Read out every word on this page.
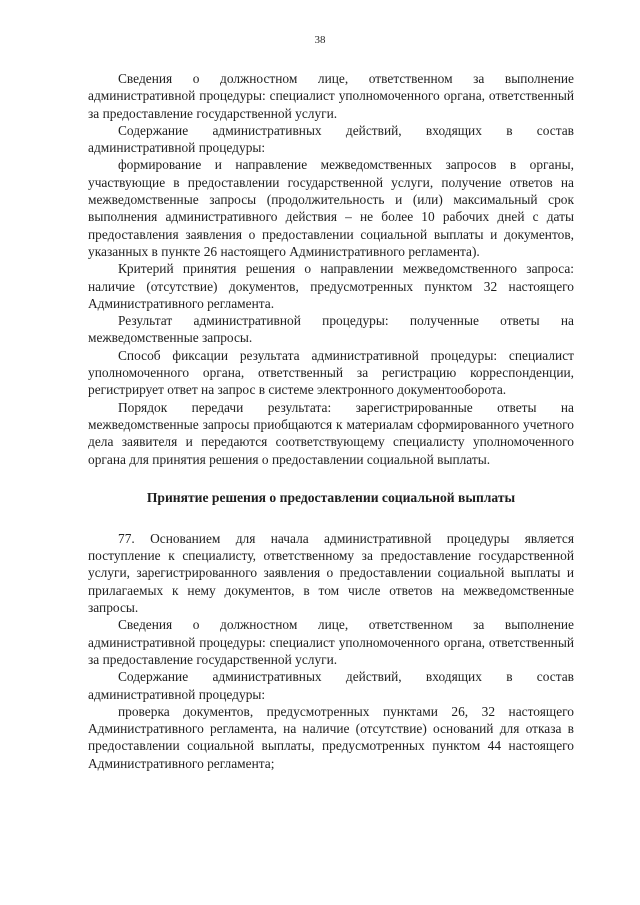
38

Сведения о должностном лице, ответственном за выполнение административной процедуры: специалист уполномоченного органа, ответственный за предоставление государственной услуги.

Содержание административных действий, входящих в состав административной процедуры:

формирование и направление межведомственных запросов в органы, участвующие в предоставлении государственной услуги, получение ответов на межведомственные запросы (продолжительность и (или) максимальный срок выполнения административного действия – не более 10 рабочих дней с даты предоставления заявления о предоставлении социальной выплаты и документов, указанных в пункте 26 настоящего Административного регламента).

Критерий принятия решения о направлении межведомственного запроса: наличие (отсутствие) документов, предусмотренных пунктом 32 настоящего Административного регламента.

Результат административной процедуры: полученные ответы на межведомственные запросы.

Способ фиксации результата административной процедуры: специалист уполномоченного органа, ответственный за регистрацию корреспонденции, регистрирует ответ на запрос в системе электронного документооборота.

Порядок передачи результата: зарегистрированные ответы на межведомственные запросы приобщаются к материалам сформированного учетного дела заявителя и передаются соответствующему специалисту уполномоченного органа для принятия решения о предоставлении социальной выплаты.

Принятие решения о предоставлении социальной выплаты

77. Основанием для начала административной процедуры является поступление к специалисту, ответственному за предоставление государственной услуги, зарегистрированного заявления о предоставлении социальной выплаты и прилагаемых к нему документов, в том числе ответов на межведомственные запросы.

Сведения о должностном лице, ответственном за выполнение административной процедуры: специалист уполномоченного органа, ответственный за предоставление государственной услуги.

Содержание административных действий, входящих в состав административной процедуры:

проверка документов, предусмотренных пунктами 26, 32 настоящего Административного регламента, на наличие (отсутствие) оснований для отказа в предоставлении социальной выплаты, предусмотренных пунктом 44 настоящего Административного регламента;
